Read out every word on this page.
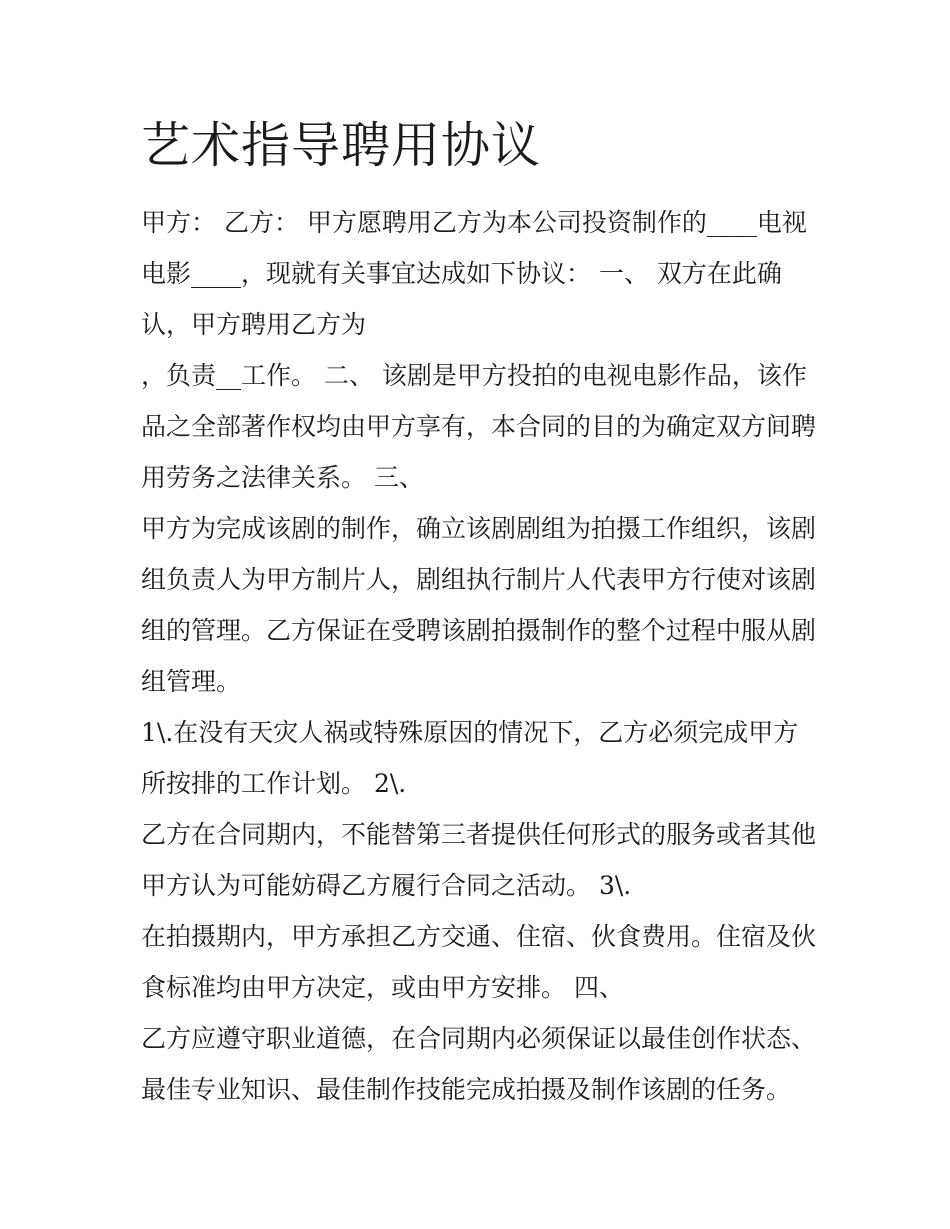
艺术指导聘用协议
甲方： 乙方： 甲方愿聘用乙方为本公司投资制作的____电视
电影____，现就有关事宜达成如下协议： 一、 双方在此确
认，甲方聘用乙方为
，负责__工作。 二、 该剧是甲方投拍的电视电影作品，该作
品之全部著作权均由甲方享有，本合同的目的为确定双方间聘
用劳务之法律关系。 三、
甲方为完成该剧的制作，确立该剧剧组为拍摄工作组织，该剧
组负责人为甲方制片人，剧组执行制片人代表甲方行使对该剧
组的管理。乙方保证在受聘该剧拍摄制作的整个过程中服从剧
组管理。
1\.在没有天灾人祸或特殊原因的情况下，乙方必须完成甲方
所按排的工作计划。 2\.
乙方在合同期内，不能替第三者提供任何形式的服务或者其他
甲方认为可能妨碍乙方履行合同之活动。 3\.
在拍摄期内，甲方承担乙方交通、住宿、伙食费用。住宿及伙
食标准均由甲方决定，或由甲方安排。 四、
乙方应遵守职业道德，在合同期内必须保证以最佳创作状态、
最佳专业知识、最佳制作技能完成拍摄及制作该剧的任务。
